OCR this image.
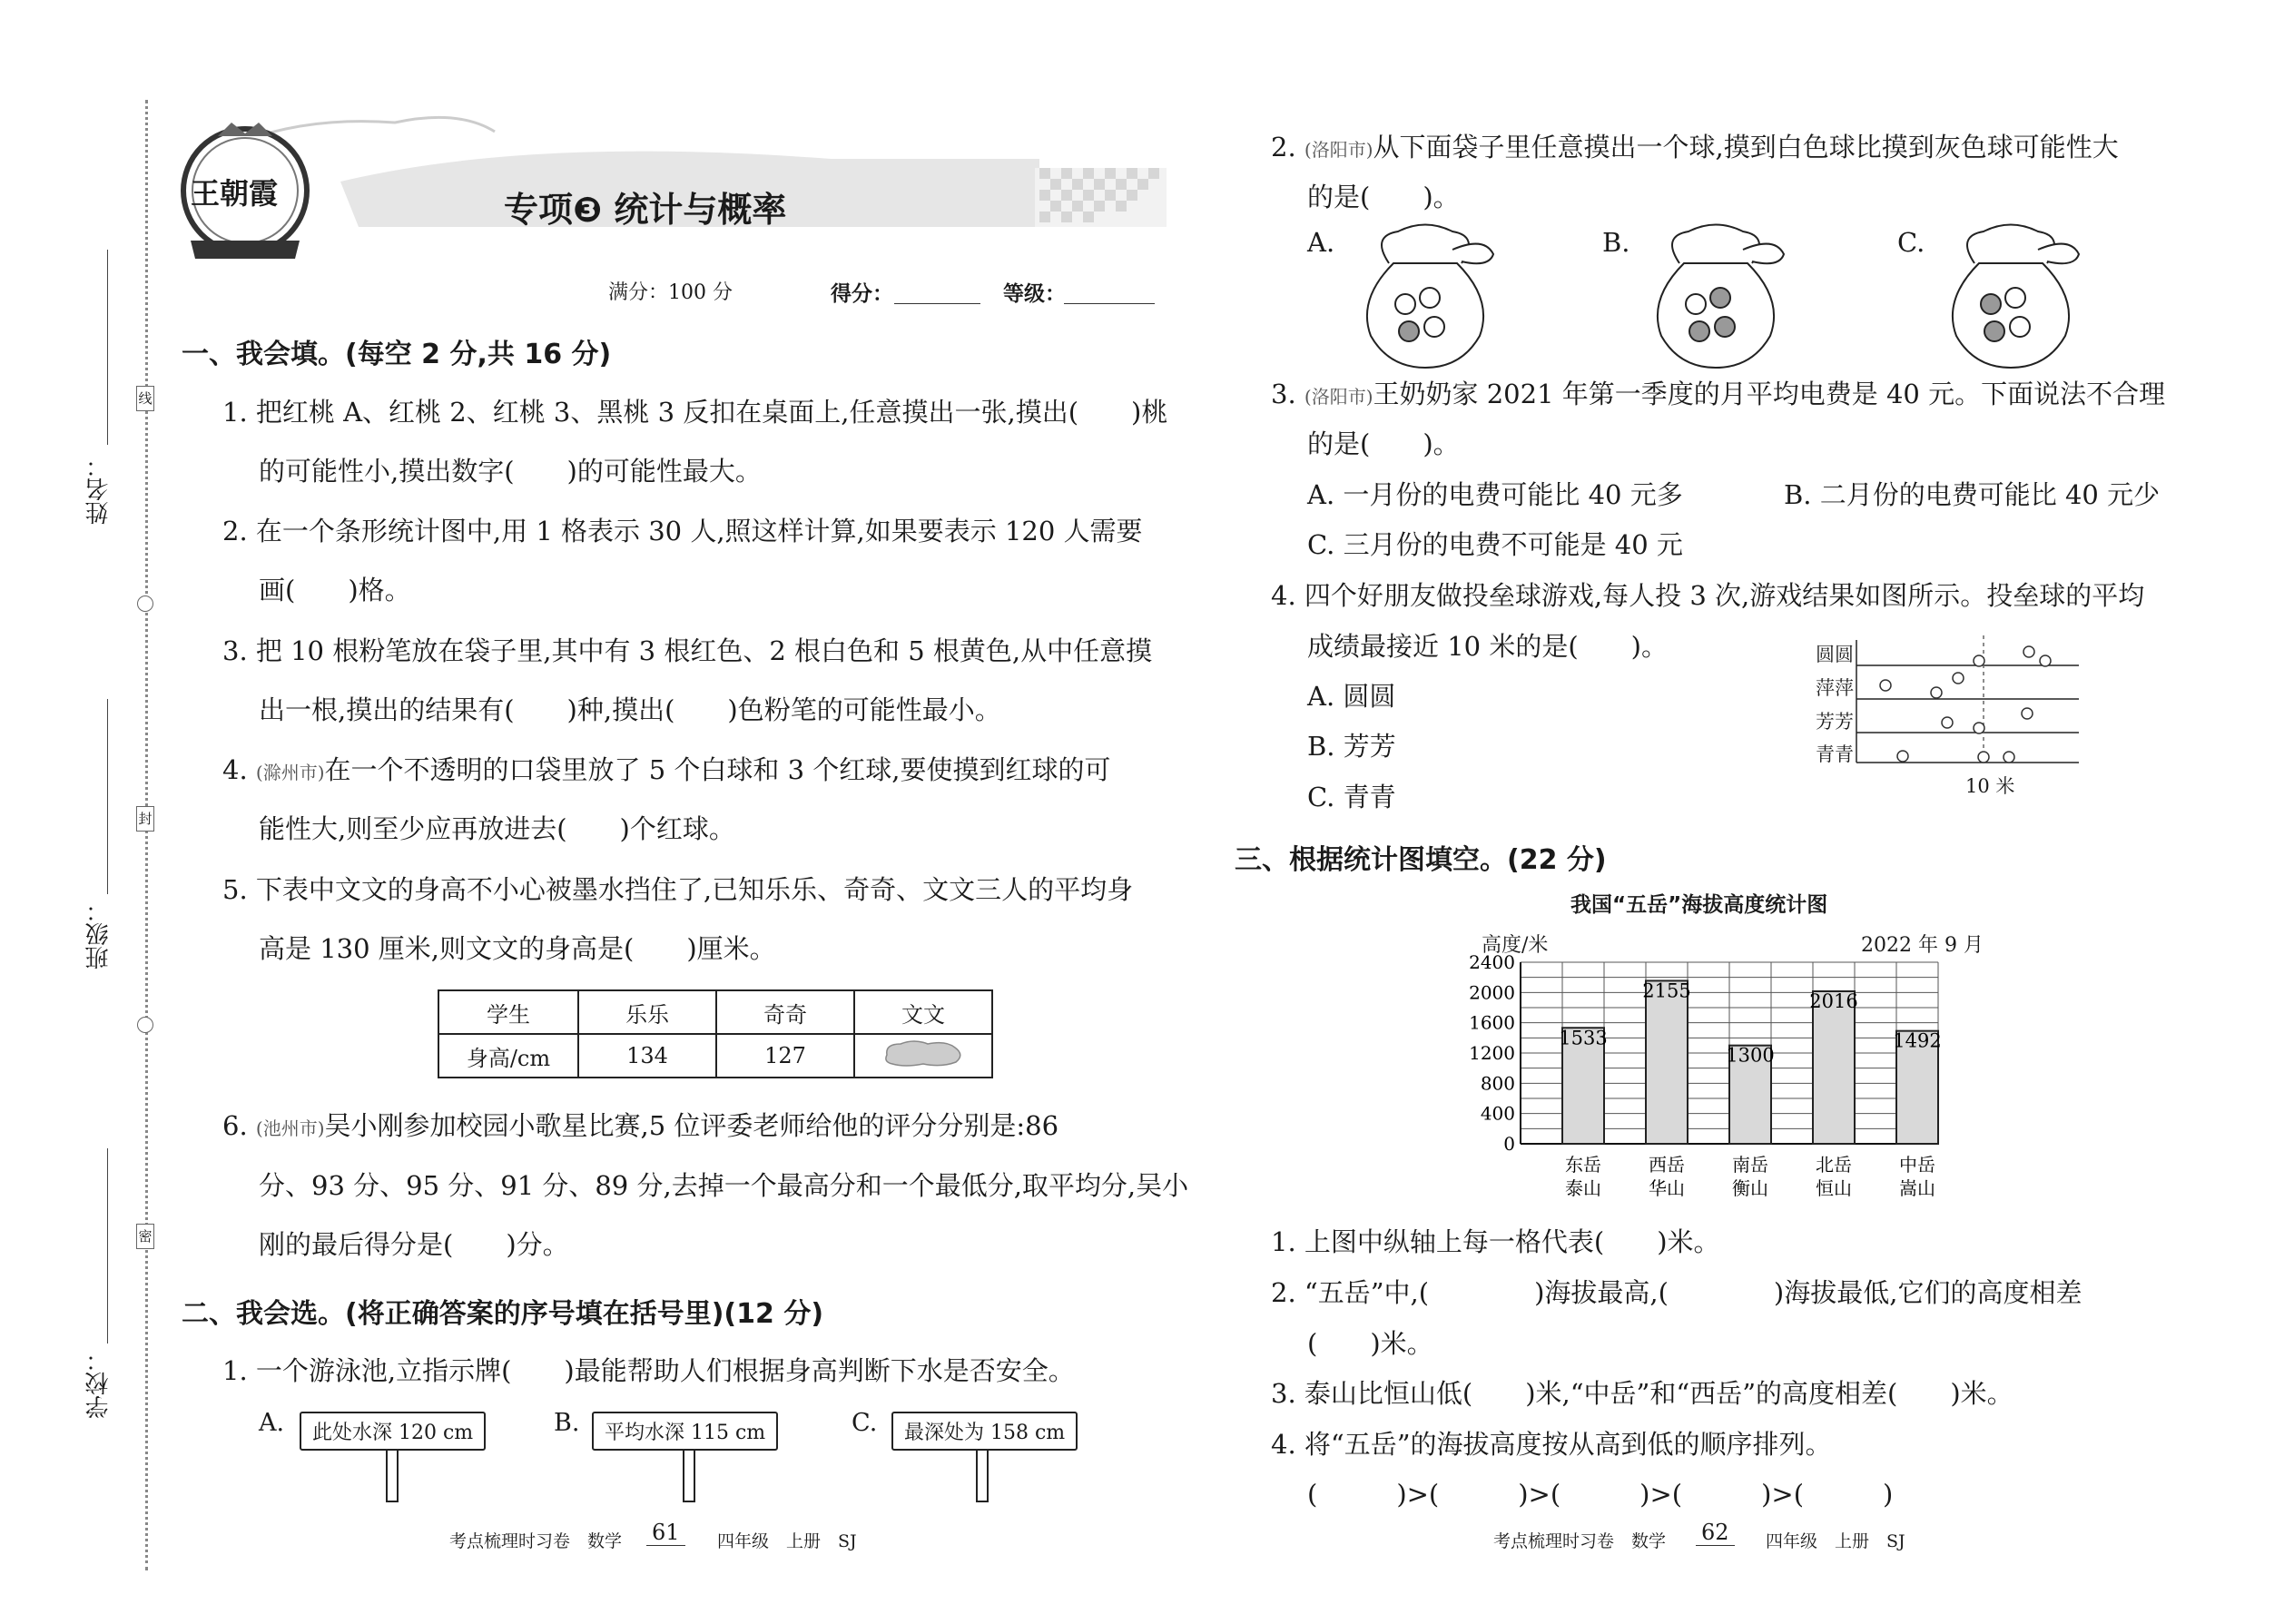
线
封
密
姓名：
班级：
学校：
王朝霞	专项❸ 统计与概率
满分：100 分	得分：	等级：
一、我会填。(每空 2 分,共 16 分)
1. 把红桃 A、红桃 2、红桃 3、黑桃 3 反扣在桌面上,任意摸出一张,摸出(　　)桃
的可能性小,摸出数字(　　)的可能性最大。
2. 在一个条形统计图中,用 1 格表示 30 人,照这样计算,如果要表示 120 人需要
画(　　)格。
3. 把 10 根粉笔放在袋子里,其中有 3 根红色、2 根白色和 5 根黄色,从中任意摸
出一根,摸出的结果有(　　)种,摸出(　　)色粉笔的可能性最小。
4. (滁州市)在一个不透明的口袋里放了 5 个白球和 3 个红球,要使摸到红球的可
能性大,则至少应再放进去(　　)个红球。
5. 下表中文文的身高不小心被墨水挡住了,已知乐乐、奇奇、文文三人的平均身
高是 130 厘米,则文文的身高是(　　)厘米。
学生	乐乐	奇奇	文文
身高/cm	134	127	
6. (池州市)吴小刚参加校园小歌星比赛,5 位评委老师给他的评分分别是:86
分、93 分、95 分、91 分、89 分,去掉一个最高分和一个最低分,取平均分,吴小
刚的最后得分是(　　)分。
二、我会选。(将正确答案的序号填在括号里)(12 分)
1. 一个游泳池,立指示牌(　　)最能帮助人们根据身高判断下水是否安全。
A.	此处水深 120 cm	B.	平均水深 115 cm	C.	最深处为 158 cm
考点梳理时习卷　数学 61	四年级　上册　SJ
2. (洛阳市)从下面袋子里任意摸出一个球,摸到白色球比摸到灰色球可能性大
的是(　　)。
A.	B.	C.
3. (洛阳市)王奶奶家 2021 年第一季度的月平均电费是 40 元。下面说法不合理
的是(　　)。
A. 一月份的电费可能比 40 元多	B. 二月份的电费可能比 40 元少
C. 三月份的电费不可能是 40 元
4. 四个好朋友做投垒球游戏,每人投 3 次,游戏结果如图所示。投垒球的平均
成绩最接近 10 米的是(　　)。
A. 圆圆
B. 芳芳
C. 青青
圆圆
萍萍
芳芳
青青
10 米
三、根据统计图填空。(22 分)
我国“五岳”海拔高度统计图
高度/米	2022 年 9 月
0
400
800
1200
1600
2000
2400
1533
东岳
泰山
2155
西岳
华山
1300
南岳
衡山
2016
北岳
恒山
1492
中岳
嵩山
1. 上图中纵轴上每一格代表(　　)米。
2. “五岳”中,(　　　　)海拔最高,(　　　　)海拔最低,它们的高度相差
(　　)米。
3. 泰山比恒山低(　　)米,“中岳”和“西岳”的高度相差(　　)米。
4. 将“五岳”的海拔高度按从高到低的顺序排列。
(　　　)>(　　　)>(　　　)>(　　　)>(　　　)
考点梳理时习卷　数学 62	四年级　上册　SJ
